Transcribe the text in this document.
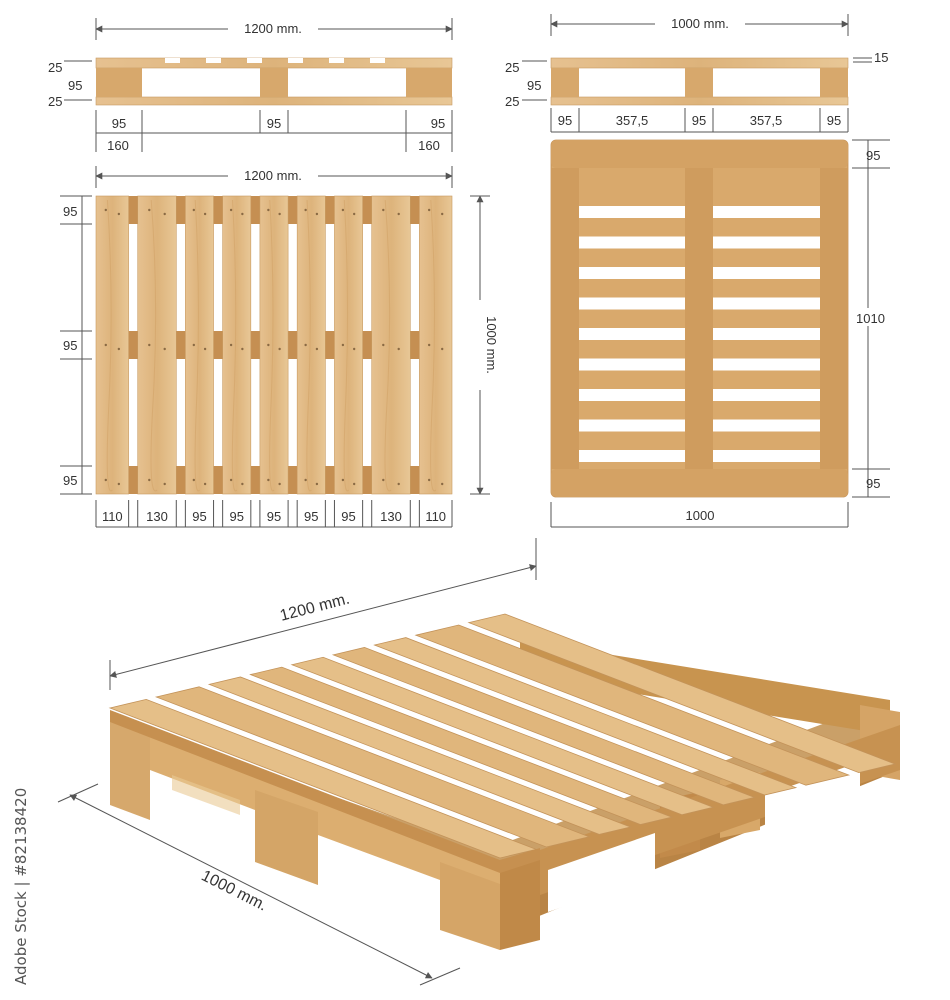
1200 mm.
25
95
25
95	95	95
160	160
1000 mm.
15
25
95
25
95	357,5	95	357,5	95
1200 mm.
1000 mm.
95
95
95
110 130 95 95 95 95 95 130 110
95
1010
95
1000
1200 mm.
1000 mm.
Adobe Stock | #82138420
